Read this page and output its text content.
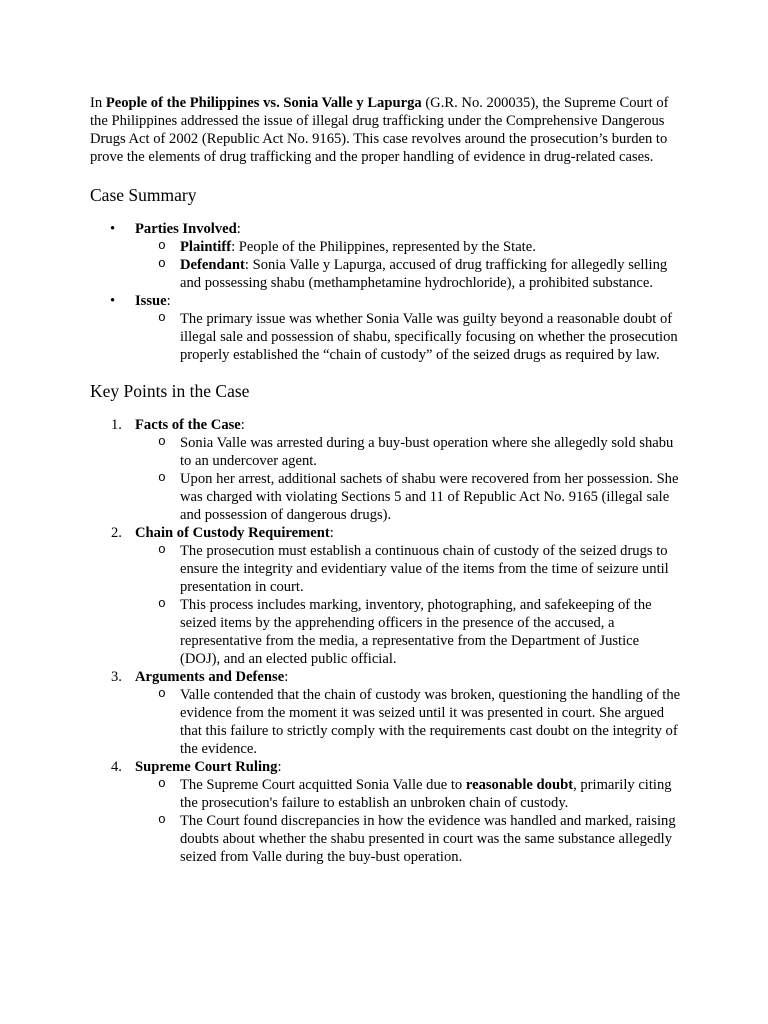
In People of the Philippines vs. Sonia Valle y Lapurga (G.R. No. 200035), the Supreme Court of the Philippines addressed the issue of illegal drug trafficking under the Comprehensive Dangerous Drugs Act of 2002 (Republic Act No. 9165). This case revolves around the prosecution’s burden to prove the elements of drug trafficking and the proper handling of evidence in drug-related cases.

Case Summary
• Parties Involved:
o Plaintiff: People of the Philippines, represented by the State.
o Defendant: Sonia Valle y Lapurga, accused of drug trafficking for allegedly selling and possessing shabu (methamphetamine hydrochloride), a prohibited substance.
• Issue:
o The primary issue was whether Sonia Valle was guilty beyond a reasonable doubt of illegal sale and possession of shabu, specifically focusing on whether the prosecution properly established the “chain of custody” of the seized drugs as required by law.
Key Points in the Case
1. Facts of the Case:
o Sonia Valle was arrested during a buy-bust operation where she allegedly sold shabu to an undercover agent.
o Upon her arrest, additional sachets of shabu were recovered from her possession. She was charged with violating Sections 5 and 11 of Republic Act No. 9165 (illegal sale and possession of dangerous drugs).
2. Chain of Custody Requirement:
o The prosecution must establish a continuous chain of custody of the seized drugs to ensure the integrity and evidentiary value of the items from the time of seizure until presentation in court.
o This process includes marking, inventory, photographing, and safekeeping of the seized items by the apprehending officers in the presence of the accused, a representative from the media, a representative from the Department of Justice (DOJ), and an elected public official.
3. Arguments and Defense:
o Valle contended that the chain of custody was broken, questioning the handling of the evidence from the moment it was seized until it was presented in court. She argued that this failure to strictly comply with the requirements cast doubt on the integrity of the evidence.
4. Supreme Court Ruling:
o The Supreme Court acquitted Sonia Valle due to reasonable doubt, primarily citing the prosecution's failure to establish an unbroken chain of custody.
o The Court found discrepancies in how the evidence was handled and marked, raising doubts about whether the shabu presented in court was the same substance allegedly seized from Valle during the buy-bust operation.
